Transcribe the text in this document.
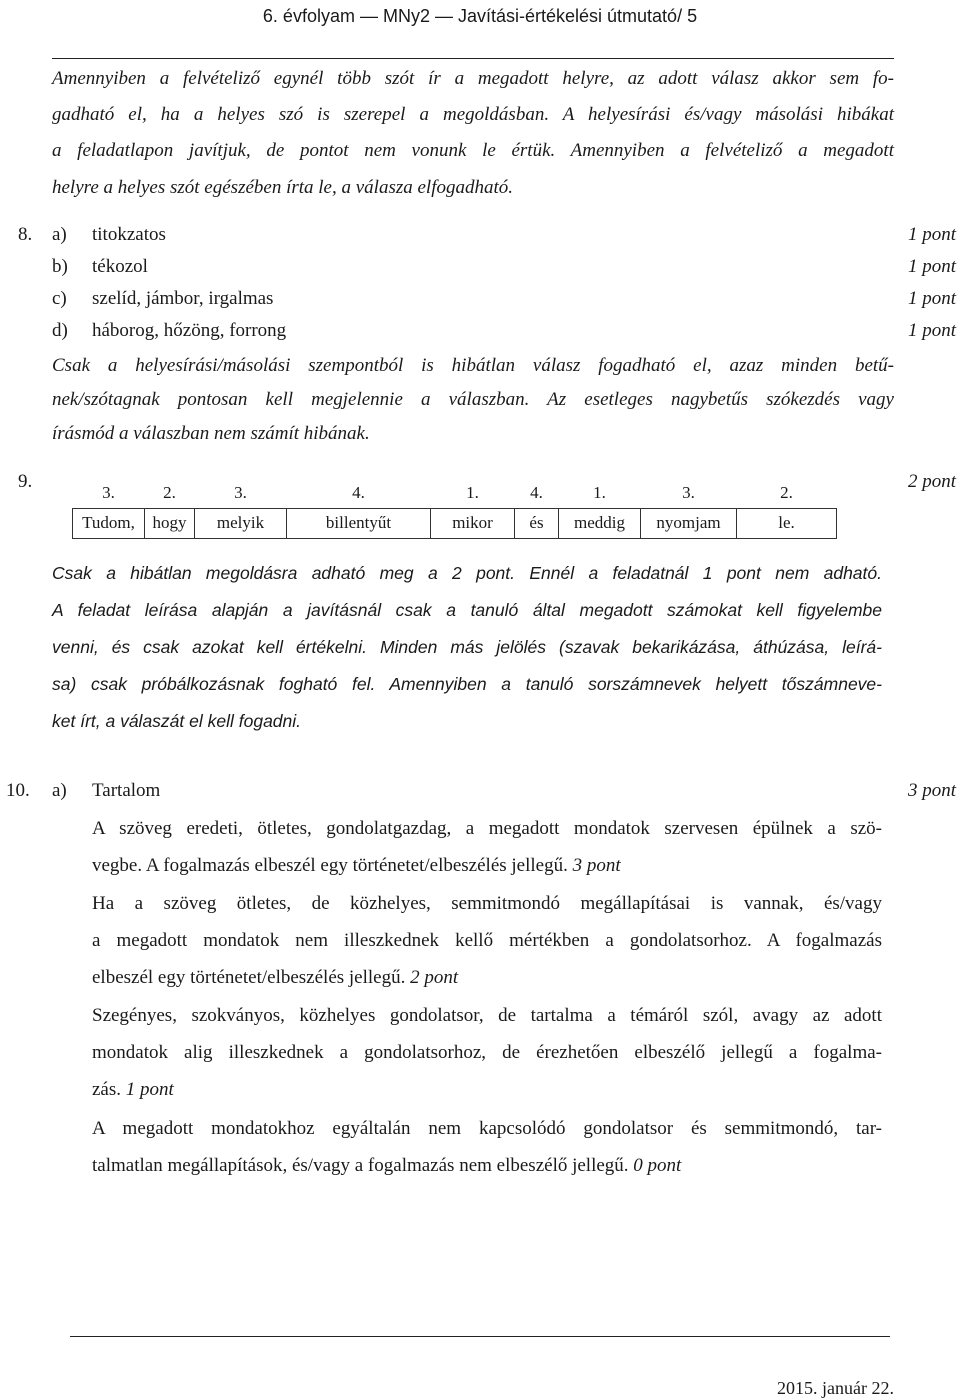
6. évfolyam — MNy2 — Javítási-értékelési útmutató/ 5
Amennyiben a felvételiző egynél több szót ír a megadott helyre, az adott válasz akkor sem fo-
gadható el, ha a helyes szó is szerepel a megoldásban. A helyesírási és/vagy másolási hibákat
a feladatlapon javítjuk, de pontot nem vonunk le értük. Amennyiben a felvételiző a megadott
helyre a helyes szót egészében írta le, a válasza elfogadható.
8. a) titokzatos	1 pont
b) tékozol	1 pont
c) szelíd, jámbor, irgalmas	1 pont
d) háborog, hőzöng, forrong	1 pont
Csak a helyesírási/másolási szempontból is hibátlan válasz fogadható el, azaz minden betű-
nek/szótagnak pontosan kell megjelennie a válaszban. Az esetleges nagybetűs szókezdés vagy
írásmód a válaszban nem számít hibának.
9.	2 pont
3.	2.	3.	4.	1.	4.	1.	3.	2.
Tudom,	hogy	melyik	billentyűt	mikor	és	meddig	nyomjam	le.
Csak a hibátlan megoldásra adható meg a 2 pont. Ennél a feladatnál 1 pont nem adható.
A feladat leírása alapján a javításnál csak a tanuló által megadott számokat kell figyelembe
venni, és csak azokat kell értékelni. Minden más jelölés (szavak bekarikázása, áthúzása, leírá-
sa) csak próbálkozásnak fogható fel. Amennyiben a tanuló sorszámnevek helyett tőszámneve-
ket írt, a válaszát el kell fogadni.
10. a) Tartalom	3 pont
A szöveg eredeti, ötletes, gondolatgazdag, a megadott mondatok szervesen épülnek a szö-
vegbe. A fogalmazás elbeszél egy történetet/elbeszélés jellegű. 3 pont
Ha a szöveg ötletes, de közhelyes, semmitmondó megállapításai is vannak, és/vagy
a megadott mondatok nem illeszkednek kellő mértékben a gondolatsorhoz. A fogalmazás
elbeszél egy történetet/elbeszélés jellegű. 2 pont
Szegényes, szokványos, közhelyes gondolatsor, de tartalma a témáról szól, avagy az adott
mondatok alig illeszkednek a gondolatsorhoz, de érezhetően elbeszélő jellegű a fogalma-
zás. 1 pont
A megadott mondatokhoz egyáltalán nem kapcsolódó gondolatsor és semmitmondó, tar-
talmatlan megállapítások, és/vagy a fogalmazás nem elbeszélő jellegű. 0 pont
2015. január 22.
